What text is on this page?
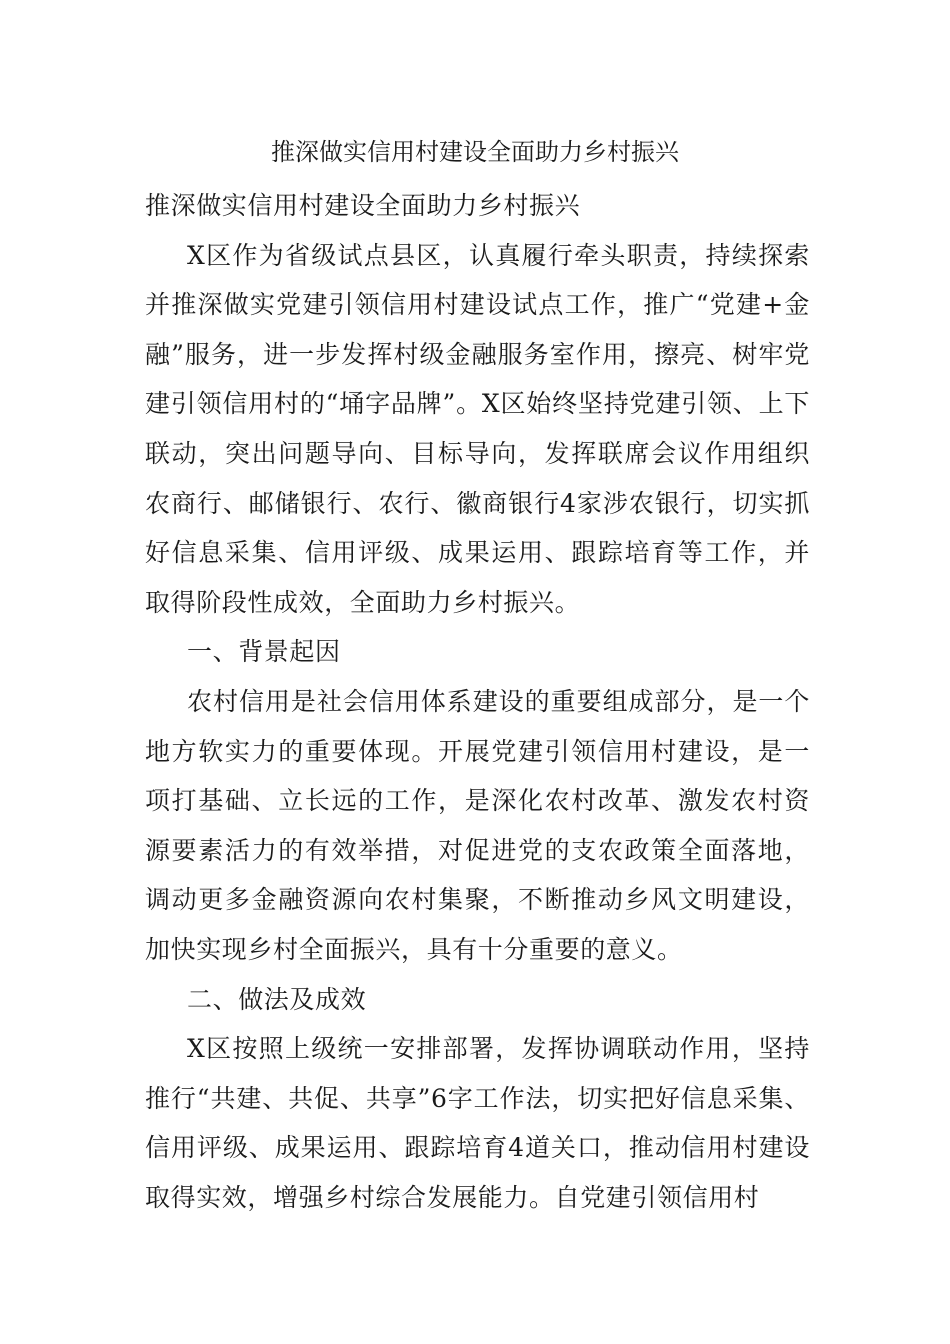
推深做实信用村建设全面助力乡村振兴

推深做实信用村建设全面助力乡村振兴

X区作为省级试点县区，认真履行牵头职责，持续探索并推深做实党建引领信用村建设试点工作，推广“党建+金融”服务，进一步发挥村级金融服务室作用，擦亮、树牢党建引领信用村的“埇字品牌”。X区始终坚持党建引领、上下联动，突出问题导向、目标导向，发挥联席会议作用组织农商行、邮储银行、农行、徽商银行4家涉农银行，切实抓好信息采集、信用评级、成果运用、跟踪培育等工作，并取得阶段性成效，全面助力乡村振兴。

一、背景起因

农村信用是社会信用体系建设的重要组成部分，是一个地方软实力的重要体现。开展党建引领信用村建设，是一项打基础、立长远的工作，是深化农村改革、激发农村资源要素活力的有效举措，对促进党的支农政策全面落地，调动更多金融资源向农村集聚，不断推动乡风文明建设，加快实现乡村全面振兴，具有十分重要的意义。

二、做法及成效

X区按照上级统一安排部署，发挥协调联动作用，坚持推行“共建、共促、共享”6字工作法，切实把好信息采集、信用评级、成果运用、跟踪培育4道关口，推动信用村建设取得实效，增强乡村综合发展能力。自党建引领信用村
